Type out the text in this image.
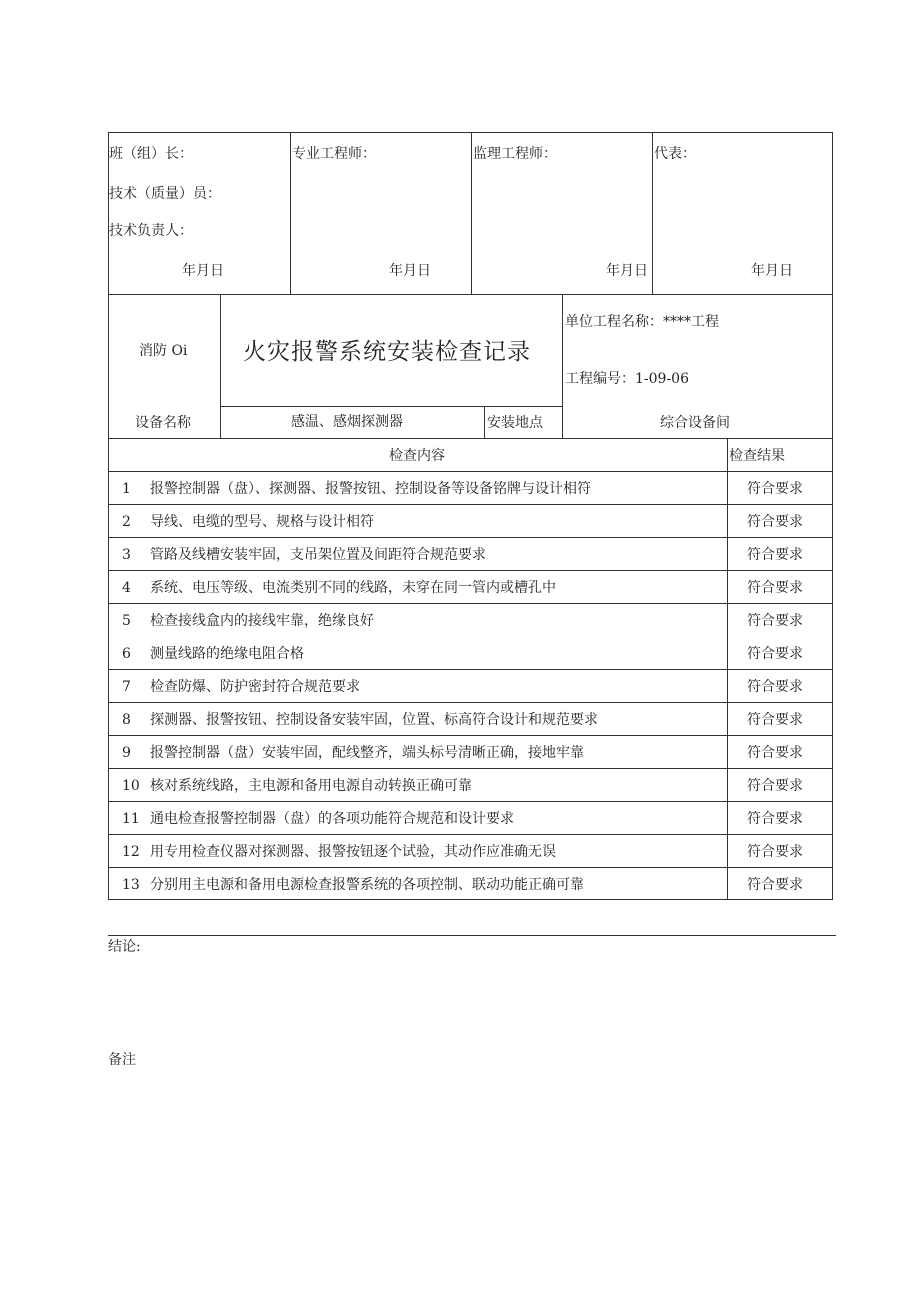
班（组）长：
技术（质量）员：
技术负责人：
专业工程师：	监理工程师：	代表：
年月日	年月日	年月日	年月日
消防 Oi 火灾报警系统安装检查记录
单位工程名称：****工程
工程编号：1-09-06
设备名称	感温、感烟探测器	安装地点	综合设备间
检查内容	检查结果
1 报警控制器（盘）、探测器、报警按钮、控制设备等设备铭牌与设计相符	符合要求
2 导线、电缆的型号、规格与设计相符	符合要求
3 管路及线槽安装牢固，支吊架位置及间距符合规范要求	符合要求
4 系统、电压等级、电流类别不同的线路，未穿在同一管内或槽孔中	符合要求
5 检查接线盒内的接线牢靠，绝缘良好	符合要求
6 测量线路的绝缘电阻合格	符合要求
7 检查防爆、防护密封符合规范要求	符合要求
8 探测器、报警按钮、控制设备安装牢固，位置、标高符合设计和规范要求	符合要求
9 报警控制器（盘）安装牢固，配线整齐，端头标号清晰正确，接地牢靠	符合要求
10 核对系统线路，主电源和备用电源自动转换正确可靠	符合要求
11 通电检查报警控制器（盘）的各项功能符合规范和设计要求	符合要求
12 用专用检查仪器对探测器、报警按钮逐个试验，其动作应准确无误	符合要求
13 分别用主电源和备用电源检查报警系统的各项控制、联动功能正确可靠	符合要求
结论:
备注
